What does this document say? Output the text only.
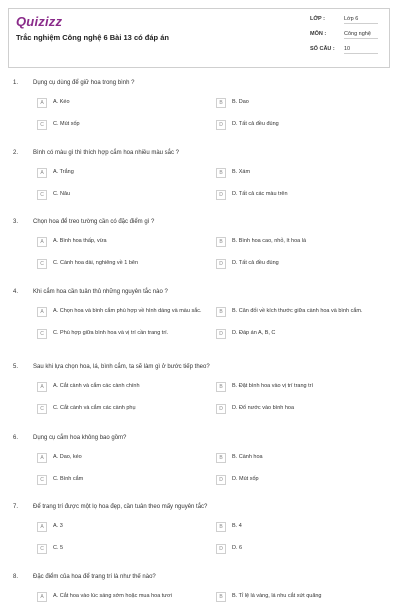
Quizizz
Trắc nghiệm Công nghệ 6 Bài 13 có đáp án
LỚP :	Lớp 6
MÔN :	Công nghệ
SỐ CÂU :	10
1. Dụng cụ dùng để giữ hoa trong bình ?
A	A. Kéo	B	B. Dao
C	C. Mút xốp	D	D. Tất cả đều đúng
2. Bình có màu gì thì thích hợp cắm hoa nhiều màu sắc ?
A	A. Trắng	B	B. Xám
C	C. Nâu	D	D. Tất cả các màu trên
3. Chọn hoa để treo tường cần có đặc điểm gì ?
A	A. Bình hoa thấp, vừa	B	B. Bình hoa cao, nhỏ, ít hoa lá
C	C. Cành hoa dài, nghiêng về 1 bên	D	D. Tất cả đều đúng
4. Khi cắm hoa cần tuân thủ những nguyên tắc nào ?
A	A. Chọn hoa và bình cắm phù hợp về hình dáng và màu sắc.	B	B. Cân đối về kích thước giữa cành hoa và bình cắm.
C	C. Phù hợp giữa bình hoa và vị trí cần trang trí.	D	D. Đáp án A, B, C
5. Sau khi lựa chọn hoa, lá, bình cắm, ta sẽ làm gì ở bước tiếp theo?
A	A. Cắt cành và cắm các cành chính	B	B. Đặt bình hoa vào vị trí trang trí
C	C. Cắt cành và cắm các cành phụ	D	D. Đổ nước vào bình hoa
6. Dụng cụ cắm hoa không bao gồm?
A	A. Dao, kéo	B	B. Cành hoa
C	C. Bình cắm	D	D. Mút xốp
7. Để trang trí được một lọ hoa đẹp, cần tuân theo mấy nguyên tắc?
A	A. 3	B	B. 4
C	C. 5	D	D. 6
8. Đặc điểm của hoa để trang trí là như thế nào?
A	A. Cắt hoa vào lúc sáng sớm hoặc mua hoa tươi	B	B. Tỉ lệ lá vàng, lá nhu cắt xứt quãng
